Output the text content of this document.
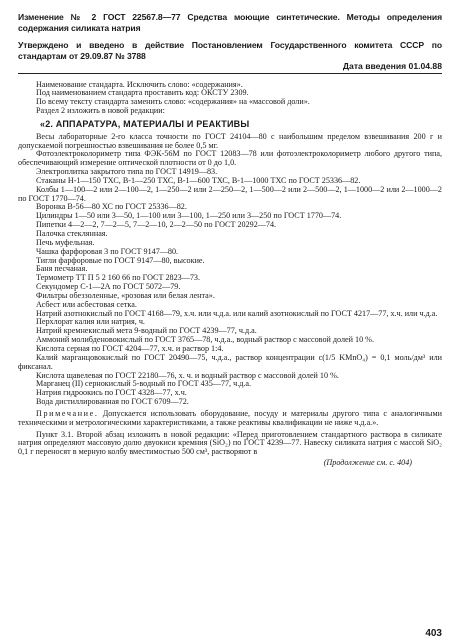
Изменение № 2 ГОСТ 22567.8—77 Средства моющие синтетические. Методы определения содержания силиката натрия
Утверждено и введено в действие Постановлением Государственного комитета СССР по стандартам от 29.09.87 № 3788
Дата введения 01.04.88

Наименование стандарта. Исключить слово: «содержания».

Под наименованием стандарта проставить код: ОКСТУ 2309.

По всему тексту стандарта заменить слово: «содержания» на «массовой доли».

Раздел 2 изложить в новой редакции:

«2. АППАРАТУРА, МАТЕРИАЛЫ И РЕАКТИВЫ

Весы лабораторные 2-го класса точности по ГОСТ 24104—80 с наибольшим пределом взвешивания 200 г и допускаемой погрешностью взвешивания не более 0,5 мг.

Фотоэлектроколориметр типа ФЭК-56М по ГОСТ 12083—78 или фотоэлектроколориметр любого другого типа, обеспечивающий измерение оптической плотности от 0 до 1,0.

Электроплитка закрытого типа по ГОСТ 14919—83.

Стаканы Н-1—150 ТХС, В-1—250 ТХС, В-1—600 ТХС, В-1—1000 ТХС по ГОСТ 25336—82.

Колбы 1—100—2 или 2—100—2, 1—250—2 или 2—250—2, 1—500—2 или 2—500—2, 1—1000—2 или 2—1000—2 по ГОСТ 1770—74.

Воронка В-56—80 ХС по ГОСТ 25336—82.

Цилиндры 1—50 или 3—50, 1—100 или 3—100, 1—250 или 3—250 по ГОСТ 1770—74.

Пипетки 4—2—2, 7—2—5, 7—2—10, 2—2—50 по ГОСТ 20292—74.

Палочка стеклянная.

Печь муфельная.

Чашка фарфоровая 3 по ГОСТ 9147—80.

Тигли фарфоровые по ГОСТ 9147—80, высокие.

Баня песчаная.

Термометр ТТ П 5 2 160 66 по ГОСТ 2823—73.

Секундомер С-1—2А по ГОСТ 5072—79.

Фильтры обеззоленные, «розовая или белая лента».

Асбест или асбестовая сетка.

Натрий азотнокислый по ГОСТ 4168—79, х.ч. или ч.д.а. или калий азотнокислый по ГОСТ 4217—77, х.ч. или ч.д.а.

Перхлорат калия или натрия, ч.

Натрий кремнекислый мета 9-водный по ГОСТ 4239—77, ч.д.а.

Аммоний молибденовокислый по ГОСТ 3765—78, ч.д.а., водный раствор с массовой долей 10 %.

Кислота серная по ГОСТ 4204—77, х.ч. и раствор 1:4.

Калий марганцовокислый по ГОСТ 20490—75, ч.д.а., раствор концентрации c(1/5 KMnO₄) = 0,1 моль/дм³ или фиксанал.

Кислота щавелевая по ГОСТ 22180—76, х. ч. и водный раствор с массовой долей 10 %.

Марганец (II) сернокислый 5-водный по ГОСТ 435—77, ч.д.а.

Натрия гидроокись по ГОСТ 4328—77, х.ч.

Вода дистиллированная по ГОСТ 6709—72.

Примечание. Допускается использовать оборудование, посуду и материалы другого типа с аналогичными техническими и метрологическими характеристиками, а также реактивы квалификации не ниже ч.д.а.».

Пункт 3.1. Второй абзац изложить в новой редакции: «Перед приготовлением стандартного раствора в силикате натрия определяют массовую долю двуокиси кремния (SiO₂) по ГОСТ 4239—77. Навеску силиката натрия с массой SiO₂ 0,1 г переносят в мерную колбу вместимостью 500 см³, растворяют в

(Продолжение см. с. 404)
403
